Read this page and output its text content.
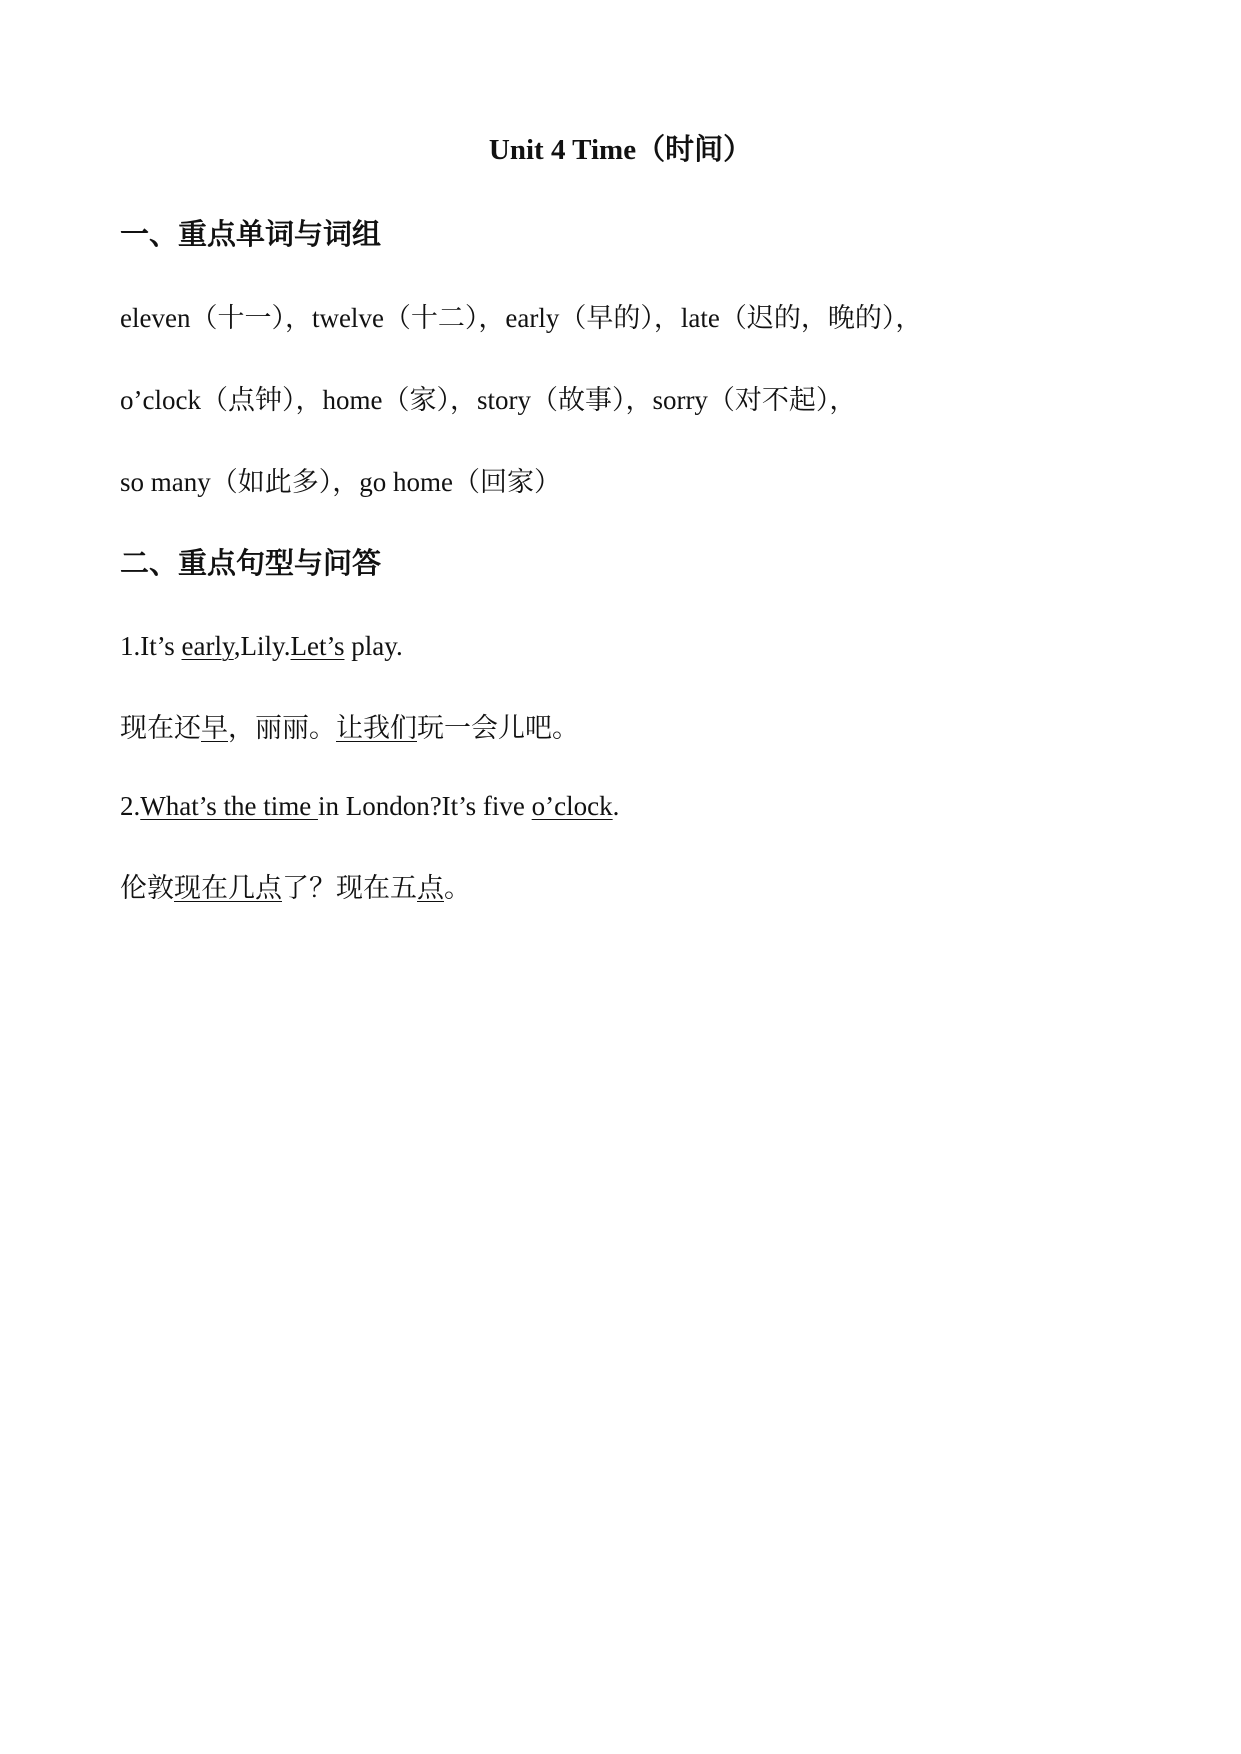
Unit 4 Time（时间）
一、重点单词与词组
eleven（十一），twelve（十二），early（早的），late（迟的，晚的），
o’clock（点钟），home（家），story（故事），sorry（对不起），
so many（如此多），go home（回家）
二、重点句型与问答
1.It’s early,Lily.Let’s play.
现在还早，丽丽。让我们玩一会儿吧。
2.What’s the time in London?It’s five o’clock.
伦敦现在几点了？现在五点。
